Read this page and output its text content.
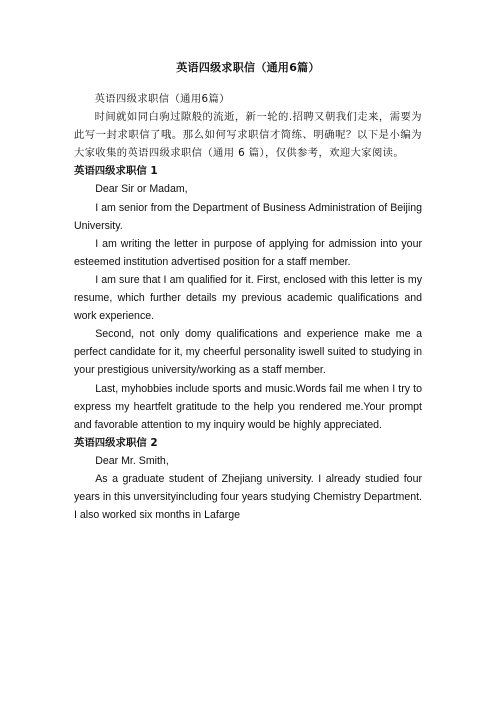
英语四级求职信（通用6篇）

英语四级求职信（通用6篇）

时间就如同白驹过隙般的流逝，新一轮的.招聘又朝我们走来，需要为此写一封求职信了哦。那么如何写求职信才简练、明确呢？以下是小编为大家收集的英语四级求职信（通用 6 篇），仅供参考，欢迎大家阅读。

英语四级求职信 1

Dear Sir or Madam,

I am senior from the Department of Business Administration of Beijing University.

I am writing the letter in purpose of applying for admission into your esteemed institution advertised position for a staff member.

I am sure that I am qualified for it. First, enclosed with this letter is my resume, which further details my previous academic qualifications and work experience.

Second, not only domy qualifications and experience make me a perfect candidate for it, my cheerful personality iswell suited to studying in your prestigious university/working as a staff member.

Last, myhobbies include sports and music.Words fail me when I try to express my heartfelt gratitude to the help you rendered me.Your prompt and favorable attention to my inquiry would be highly appreciated.

英语四级求职信 2

Dear Mr. Smith,

As a graduate student of Zhejiang university. I already studied four years in this unversityincluding four years studying Chemistry Department. I also worked six months in Lafarge
